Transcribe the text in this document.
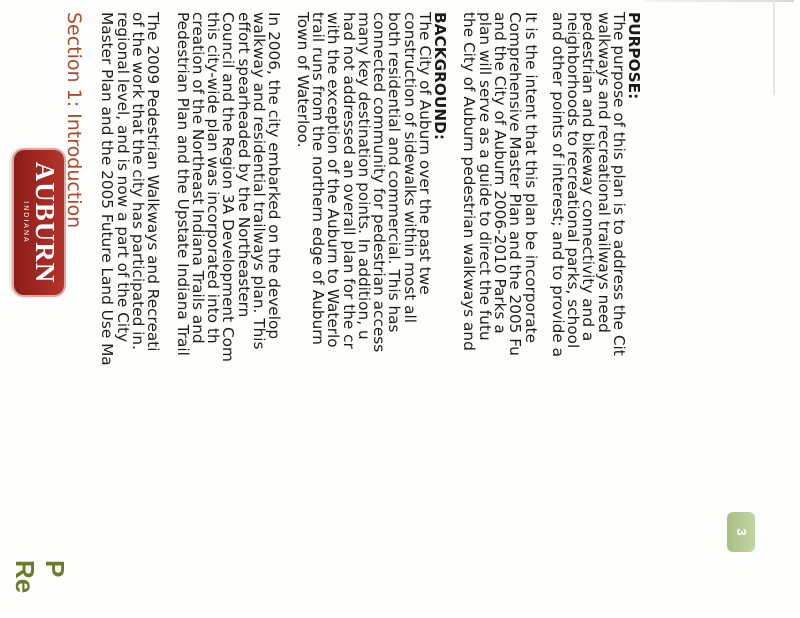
P
Re
AUBURN
INDIANA
PURPOSE:

The purpose of this plan is to address the Cit
walkways and recreational trailways need
pedestrian and bikeway connectivity and a
neighborhoods to recreational parks, school
and other points of interest; and to provide a

It is the intent that this plan be incorporate
Comprehensive Master Plan and the 2005 Fu
and the City of Auburn 2006-2010 Parks a
plan will serve as a guide to direct the futu
the City of Auburn pedestrian walkways and

BACKGROUND:

The City of Auburn over the past twe
construction of sidewalks within most all
both residential and commercial. This has
connected community for pedestrian access
many key destination points. In addition, u
had not addressed an overall plan for the cr
with the exception of the Auburn to Waterlo
trail runs from the northern edge of Auburn
Town of Waterloo.

In 2006, the city embarked on the develop
walkway and residential trailways plan. This
effort spearheaded by the Northeastern
Council and the Region 3A Development Com
this city-wide plan was incorporated into th
creation of the Northeast Indiana Trails and
Pedestrian Plan and the Upstate Indiana Trail

The 2009 Pedestrian Walkways and Recreati
of the work that the city has participated in.
regional level, and is now a part of the City
Master Plan and the 2005 Future Land Use Ma

Section 1: Introduction
3
